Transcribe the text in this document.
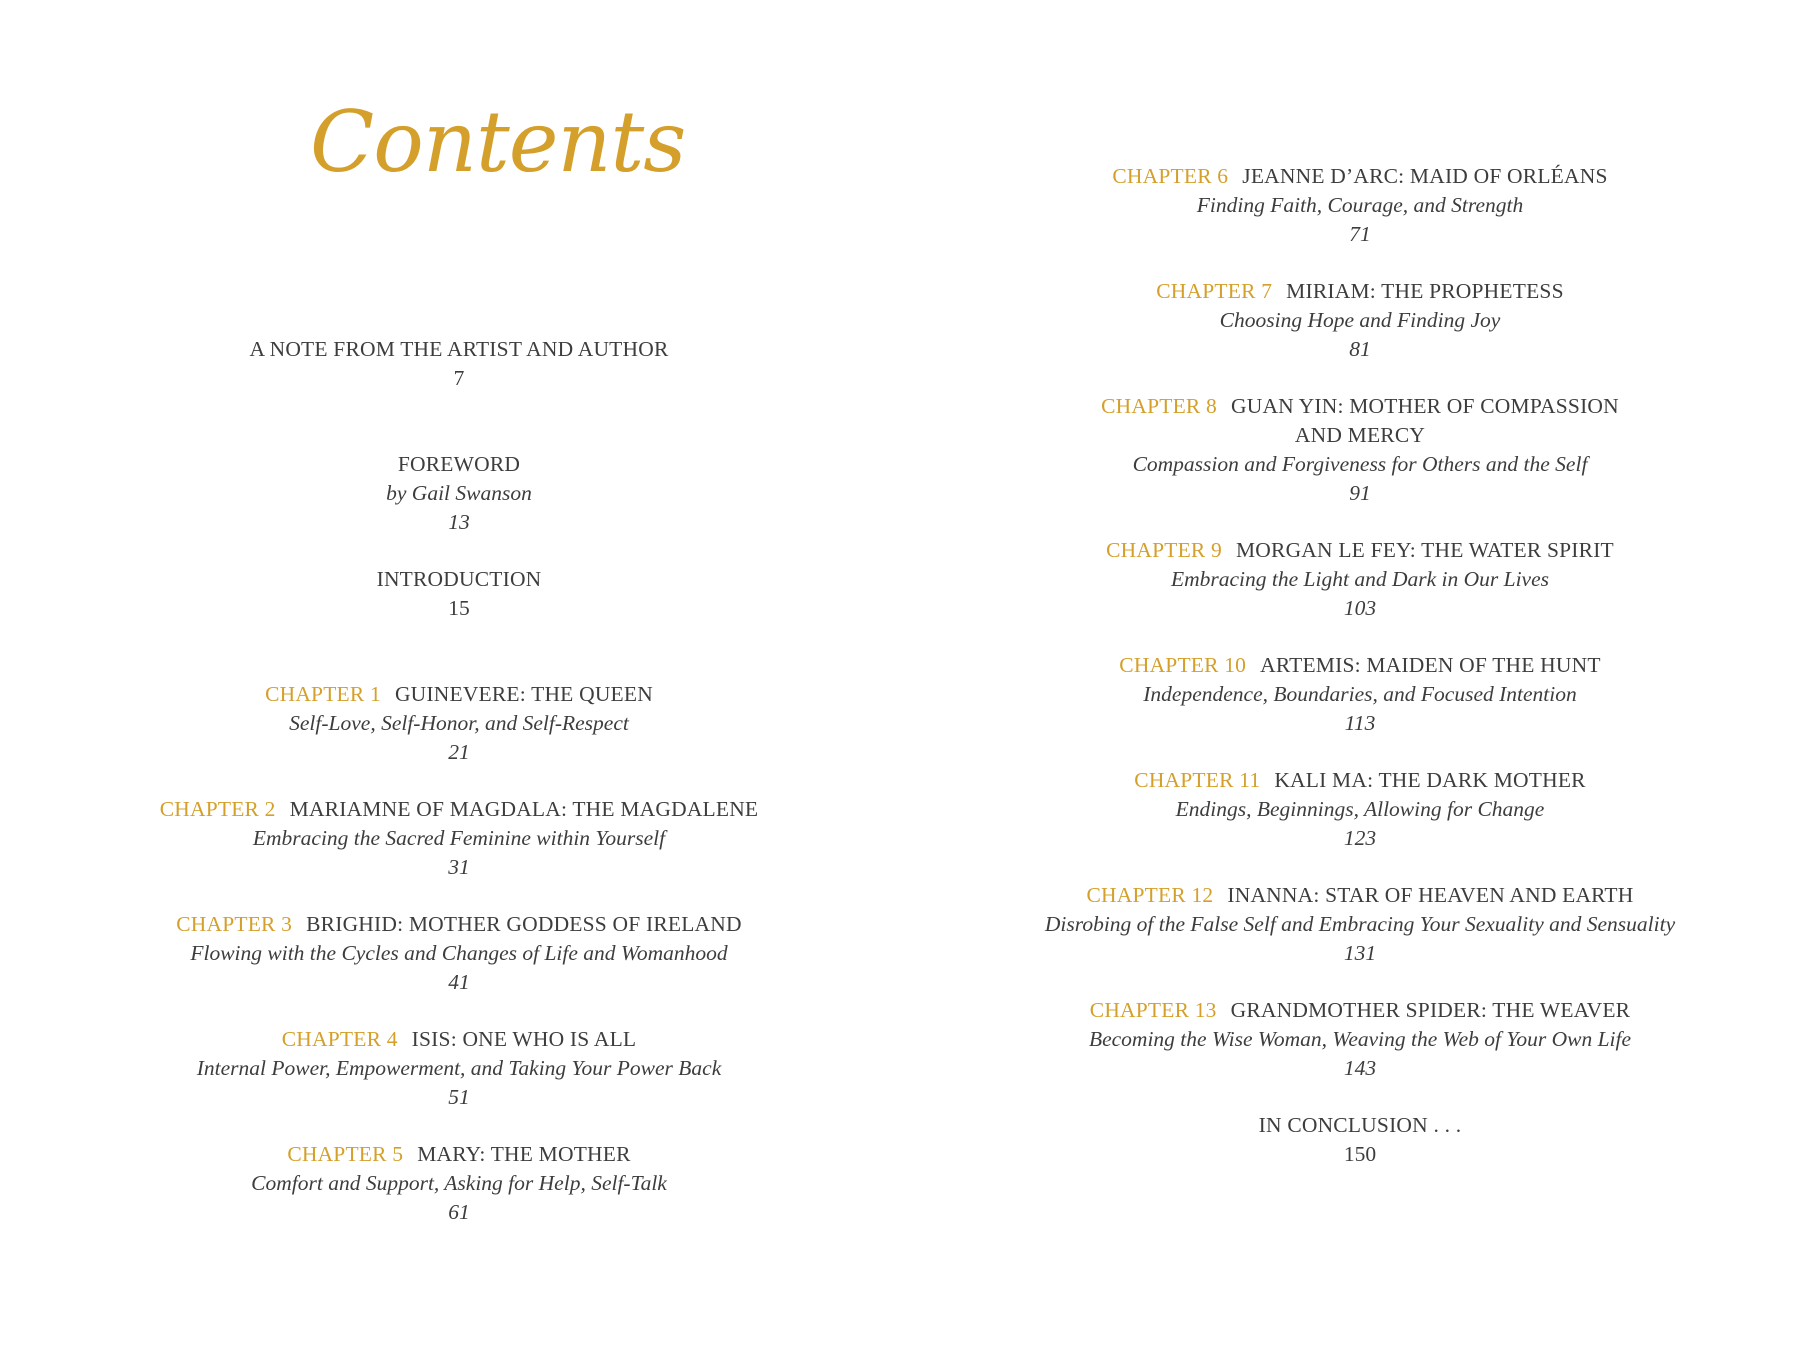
Contents
A NOTE FROM THE ARTIST AND AUTHOR
7
FOREWORD
by Gail Swanson
13
INTRODUCTION
15
CHAPTER 1 GUINEVERE: THE QUEEN
Self-Love, Self-Honor, and Self-Respect
21
CHAPTER 2 MARIAMNE OF MAGDALA: THE MAGDALENE
Embracing the Sacred Feminine within Yourself
31
CHAPTER 3 BRIGHID: MOTHER GODDESS OF IRELAND
Flowing with the Cycles and Changes of Life and Womanhood
41
CHAPTER 4 ISIS: ONE WHO IS ALL
Internal Power, Empowerment, and Taking Your Power Back
51
CHAPTER 5 MARY: THE MOTHER
Comfort and Support, Asking for Help, Self-Talk
61
CHAPTER 6 JEANNE D’ARC: MAID OF ORLÉANS
Finding Faith, Courage, and Strength
71
CHAPTER 7 MIRIAM: THE PROPHETESS
Choosing Hope and Finding Joy
81
CHAPTER 8 GUAN YIN: MOTHER OF COMPASSION
AND MERCY
Compassion and Forgiveness for Others and the Self
91
CHAPTER 9 MORGAN LE FEY: THE WATER SPIRIT
Embracing the Light and Dark in Our Lives
103
CHAPTER 10 ARTEMIS: MAIDEN OF THE HUNT
Independence, Boundaries, and Focused Intention
113
CHAPTER 11 KALI MA: THE DARK MOTHER
Endings, Beginnings, Allowing for Change
123
CHAPTER 12 INANNA: STAR OF HEAVEN AND EARTH
Disrobing of the False Self and Embracing Your Sexuality and Sensuality
131
CHAPTER 13 GRANDMOTHER SPIDER: THE WEAVER
Becoming the Wise Woman, Weaving the Web of Your Own Life
143
IN CONCLUSION . . .
150
